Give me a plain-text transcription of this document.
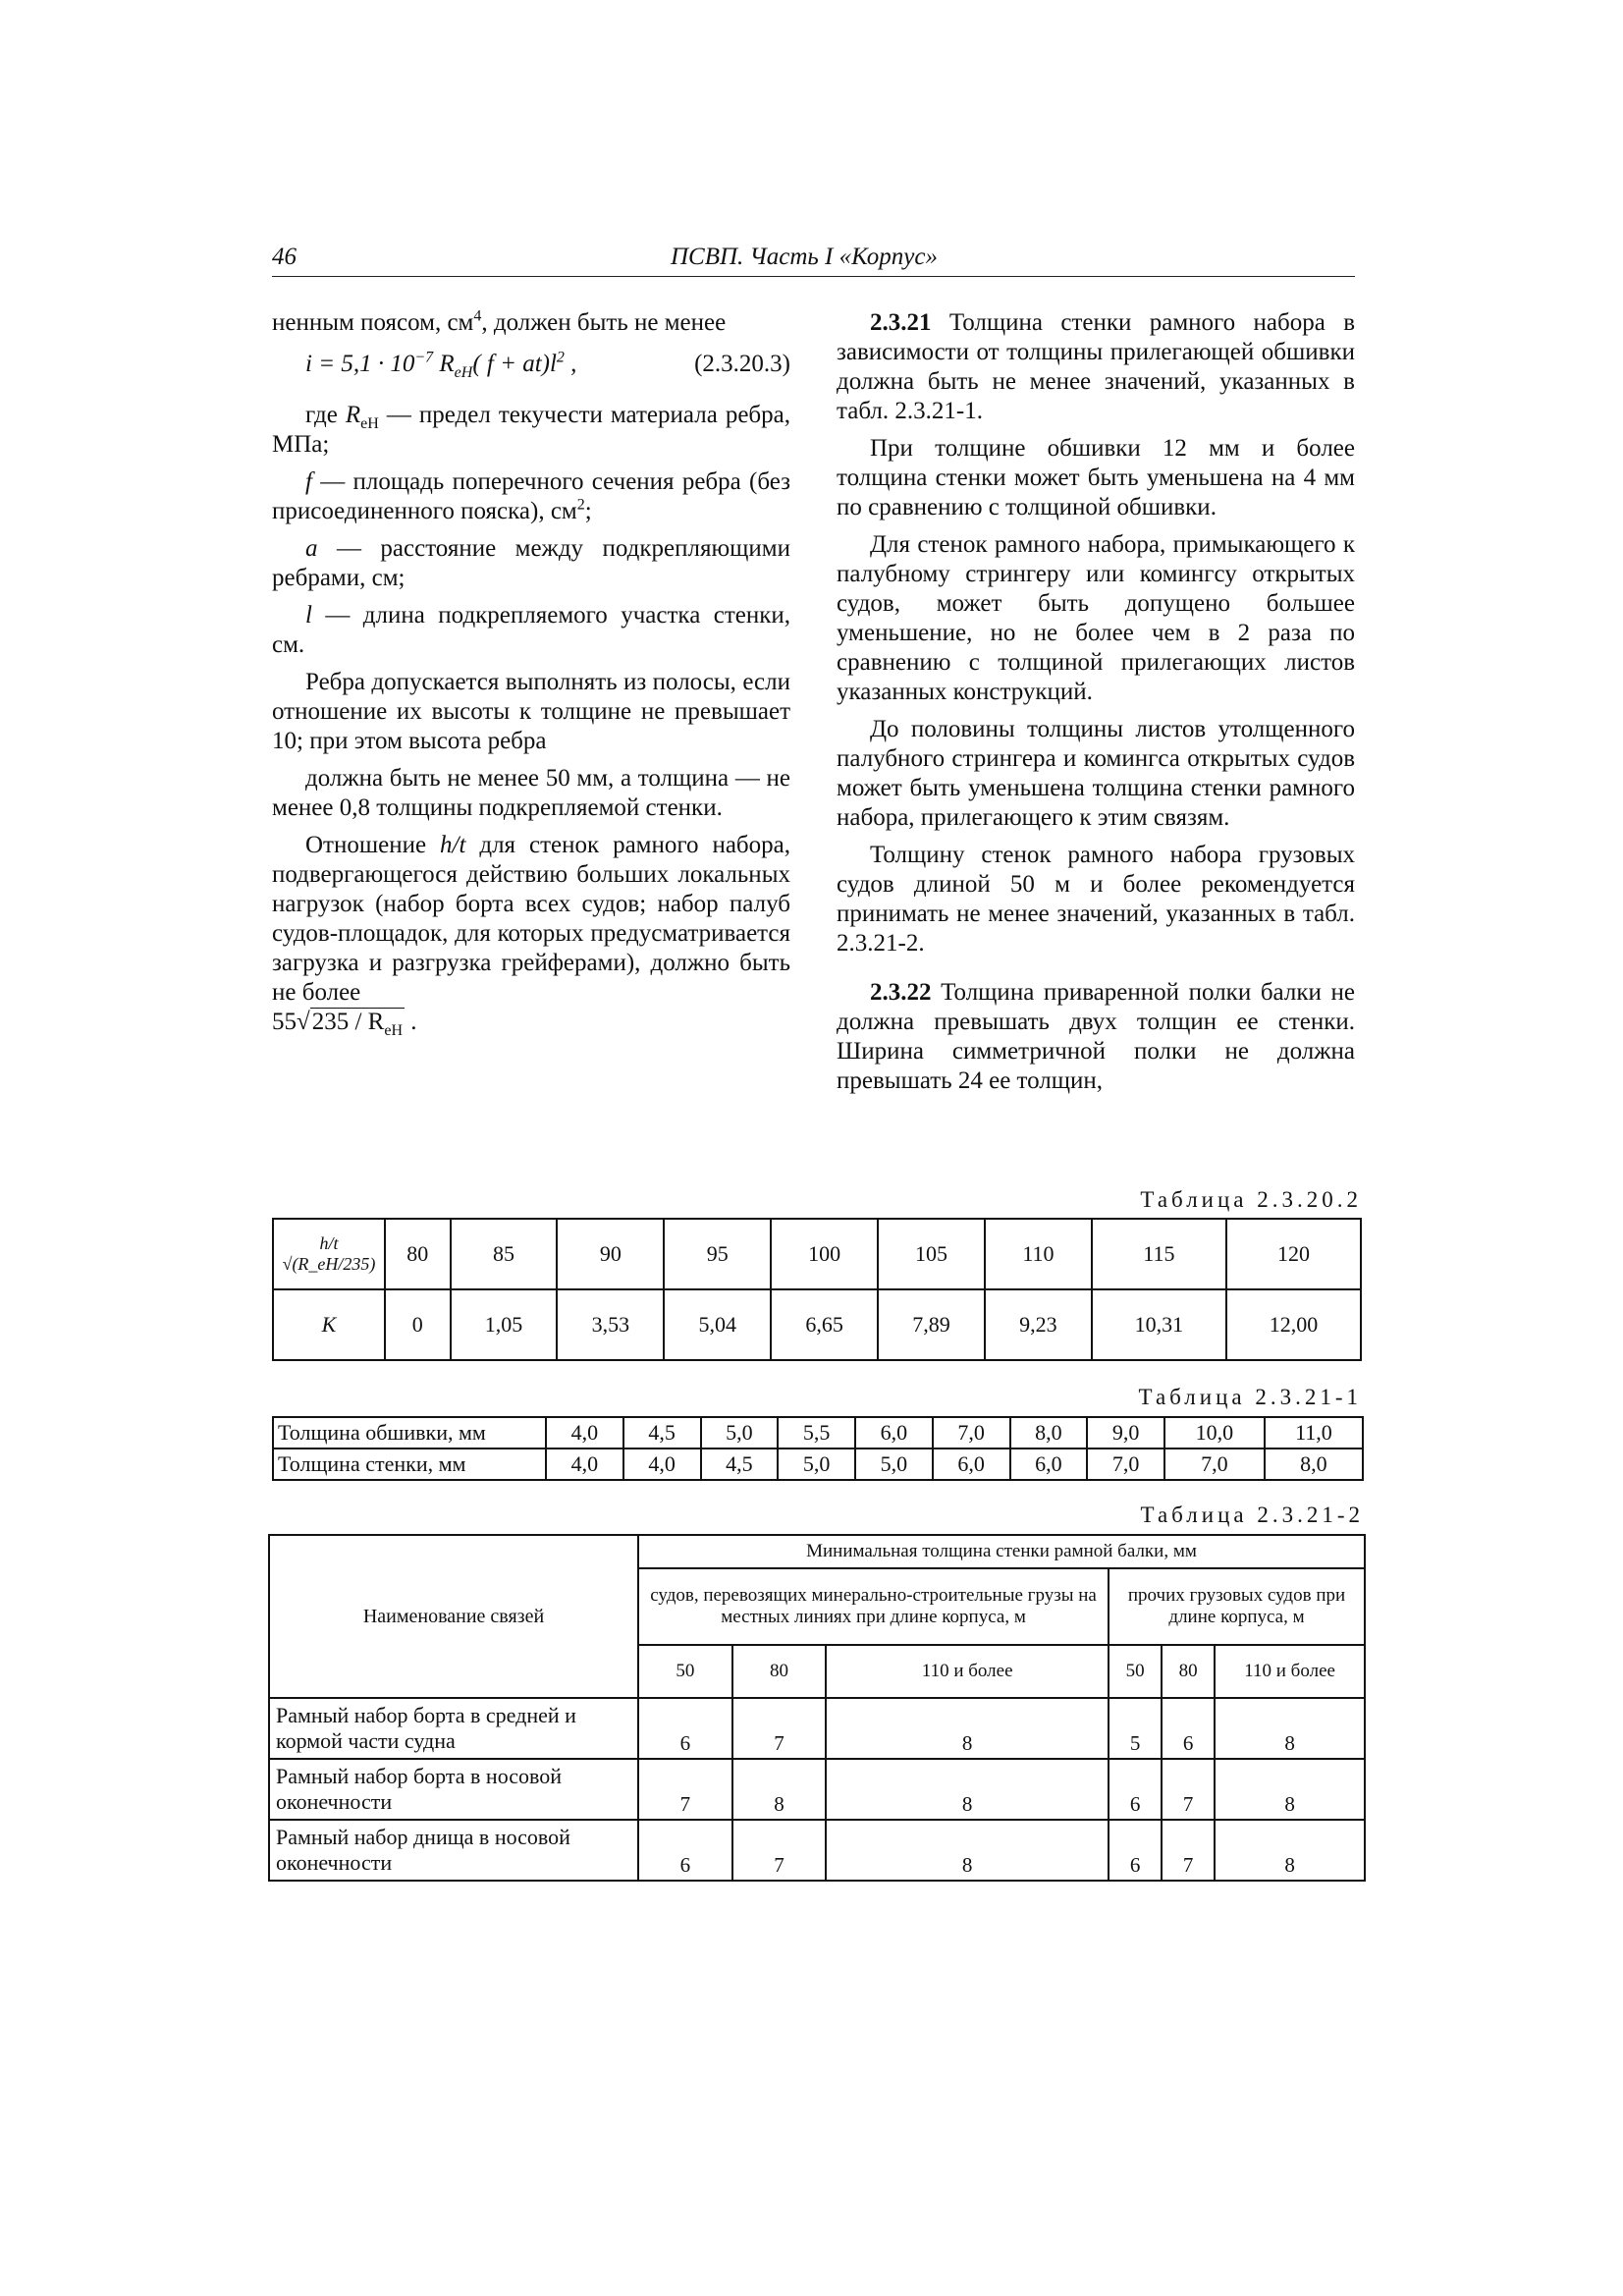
46	ПСВП. Часть I «Корпус»

ненным поясом, $см^4$, должен быть не менее

$i = 5,1 \cdot 10^{-7}$ $R_{eH}$( $f + at)l^2$ ,	(2.3.20.3)

где $R_{eH}$ — предел текучести материала ребра, МПа;

f — площадь поперечного сечения ребра (без присоединенного пояска), $см^2$;

a — расстояние между подкрепляющими ребрами, см;

l — длина подкрепляемого участка стенки, см.

Ребра допускается выполнять из полосы, если отношение их высоты к толщине не превышает 10; при этом высота ребра

должна быть не менее 50 мм, а толщина — не менее 0,8 толщины подкрепляемой стенки.

Отношение h/t для стенок рамного набора, подвергающегося действию больших локальных нагрузок (набор борта всех судов; набор палуб судов-площадок, для которых предусматривается загрузка и разгрузка грейферами), должно быть не более
$55√235 / R_{eH}$ .

2.3.21 Толщина стенки рамного набора в зависимости от толщины прилегающей обшивки должна быть не менее значений, указанных в табл. 2.3.21-1.

При толщине обшивки 12 мм и более толщина стенки может быть уменьшена на 4 мм по сравнению с толщиной обшивки.

Для стенок рамного набора, примыкающего к палубному стрингеру или комингсу открытых судов, может быть допущено большее уменьшение, но не более чем в 2 раза по сравнению с толщиной прилегающих листов указанных конструкций.

До половины толщины листов утолщенного палубного стрингера и комингса открытых судов может быть уменьшена толщина стенки рамного набора, прилегающего к этим связям.

Толщину стенок рамного набора грузовых судов длиной 50 м и более рекомендуется принимать не менее значений, указанных в табл. 2.3.21-2.

2.3.22 Толщина приваренной полки балки не должна превышать двух толщин ее стенки. Ширина симметричной полки не должна превышать 24 ее толщин,

Таблица 2.3.20.2
h/t √(R_eH/235)	80	85	90	95	100	105	110	115	120
K	0	1,05	3,53	5,04	6,65	7,89	9,23	10,31	12,00
Таблица 2.3.21-1
Толщина обшивки, мм	4,0	4,5	5,0	5,5	6,0	7,0	8,0	9,0	10,0	11,0
Толщина стенки, мм	4,0	4,0	4,5	5,0	5,0	6,0	6,0	7,0	7,0	8,0
Таблица 2.3.21-2
Наименование связей	Минимальная толщина стенки рамной балки, мм					
	судов, перевозящих минерально-строительные грузы на местных линиях при длине корпуса, м			прочих грузовых судов при длине корпуса, м		
	50	80	110 и более	50	80	110 и более
Рамный набор борта в средней и кормой части судна	6	7	8	5	6	8
Рамный набор борта в носовой оконечности	7	8	8	6	7	8
Рамный набор днища в носовой оконечности	6	7	8	6	7	8
